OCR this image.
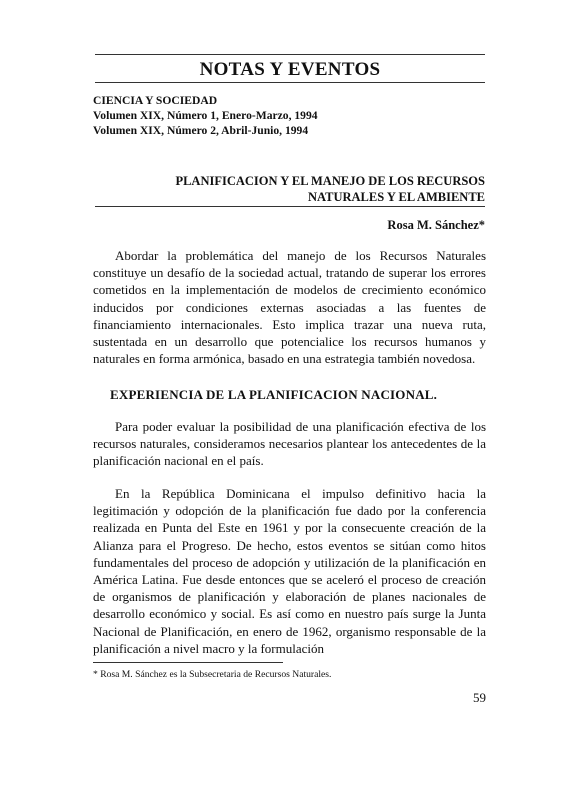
NOTAS Y EVENTOS
CIENCIA Y SOCIEDAD
Volumen XIX, Número 1, Enero-Marzo, 1994
Volumen XIX, Número 2, Abril-Junio, 1994
PLANIFICACION Y EL MANEJO DE LOS RECURSOS
NATURALES Y EL AMBIENTE
Rosa M. Sánchez*

Abordar la problemática del manejo de los Recursos Naturales constituye un desafío de la sociedad actual, tratando de superar los errores cometidos en la implementación de modelos de crecimiento económico inducidos por condiciones externas asociadas a las fuentes de financiamiento internacionales. Esto implica trazar una nueva ruta, sustentada en un desarrollo que potencialice los recursos humanos y naturales en forma armónica, basado en una estrategia también novedosa.

EXPERIENCIA DE LA PLANIFICACION NACIONAL.

Para poder evaluar la posibilidad de una planificación efectiva de los recursos naturales, consideramos necesarios plantear los antecedentes de la planificación nacional en el país.

En la República Dominicana el impulso definitivo hacia la legitimación y odopción de la planificación fue dado por la conferencia realizada en Punta del Este en 1961 y por la consecuente creación de la Alianza para el Progreso. De hecho, estos eventos se sitúan como hitos fundamentales del proceso de adopción y utilización de la planificación en América Latina. Fue desde entonces que se aceleró el proceso de creación de organismos de planificación y elaboración de planes nacionales de desarrollo económico y social. Es así como en nuestro país surge la Junta Nacional de Planificación, en enero de 1962, organismo responsable de la planificación a nivel macro y la formulación

* Rosa M. Sánchez es la Subsecretaria de Recursos Naturales.
59
